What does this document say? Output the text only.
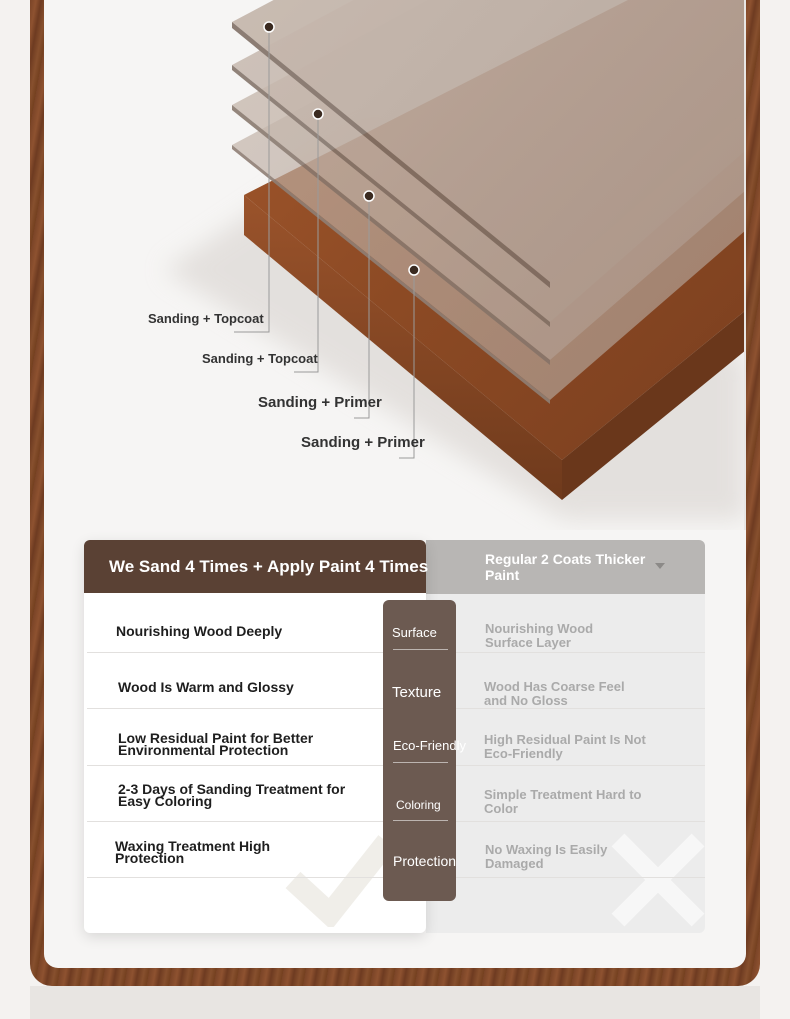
Sanding + Topcoat
Sanding + Topcoat
Sanding + Primer
Sanding + Primer
Regular 2 Coats Thicker Paint
We Sand 4 Times + Apply Paint 4 Times
Nourishing Wood Deeply
Wood Is Warm and Glossy
Low Residual Paint for Better Environmental Protection
2-3 Days of Sanding Treatment for Easy Coloring
Waxing Treatment High Protection
Nourishing Wood Surface Layer
Wood Has Coarse Feel and No Gloss
High Residual Paint Is Not Eco-Friendly
Simple Treatment Hard to Color
No Waxing Is Easily Damaged
Surface
Texture
Eco-Friendly
Coloring
Protection
